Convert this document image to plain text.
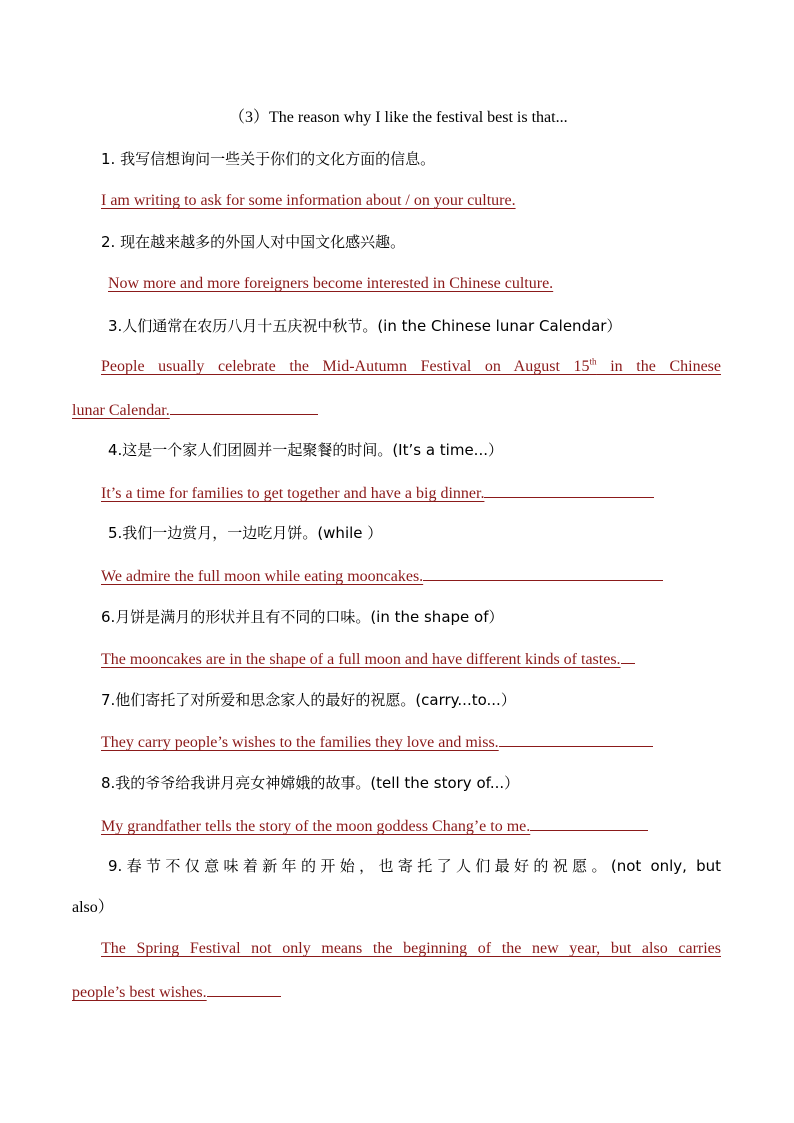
（3）The reason why I like the festival best is that...
1. 我写信想询问一些关于你们的文化方面的信息。
I am writing to ask for some information about / on your culture.
2. 现在越来越多的外国人对中国文化感兴趣。
Now more and more foreigners become interested in Chinese culture.
3.人们通常在农历八月十五庆祝中秋节。(in the Chinese lunar Calendar）
People usually celebrate the Mid-Autumn Festival on August 15th in the Chinese
lunar Calendar.
4.这是一个家人们团圆并一起聚餐的时间。(It’s a time...）
It’s a time for families to get together and have a big dinner.
5.我们一边赏月，一边吃月饼。(while ）
We admire the full moon while eating mooncakes.
6.月饼是满月的形状并且有不同的口味。(in the shape of）
The mooncakes are in the shape of a full moon and have different kinds of tastes.
7.他们寄托了对所爱和思念家人的最好的祝愿。(carry...to...）
They carry people’s wishes to the families they love and miss.
8.我的爷爷给我讲月亮女神嫦娥的故事。(tell the story of...）
My grandfather tells the story of the moon goddess Chang’e to me.
9.春节不仅意味着新年的开始，也寄托了人们最好的祝愿。(not only, but
also）
The Spring Festival not only means the beginning of the new year, but also carries
people’s best wishes.
